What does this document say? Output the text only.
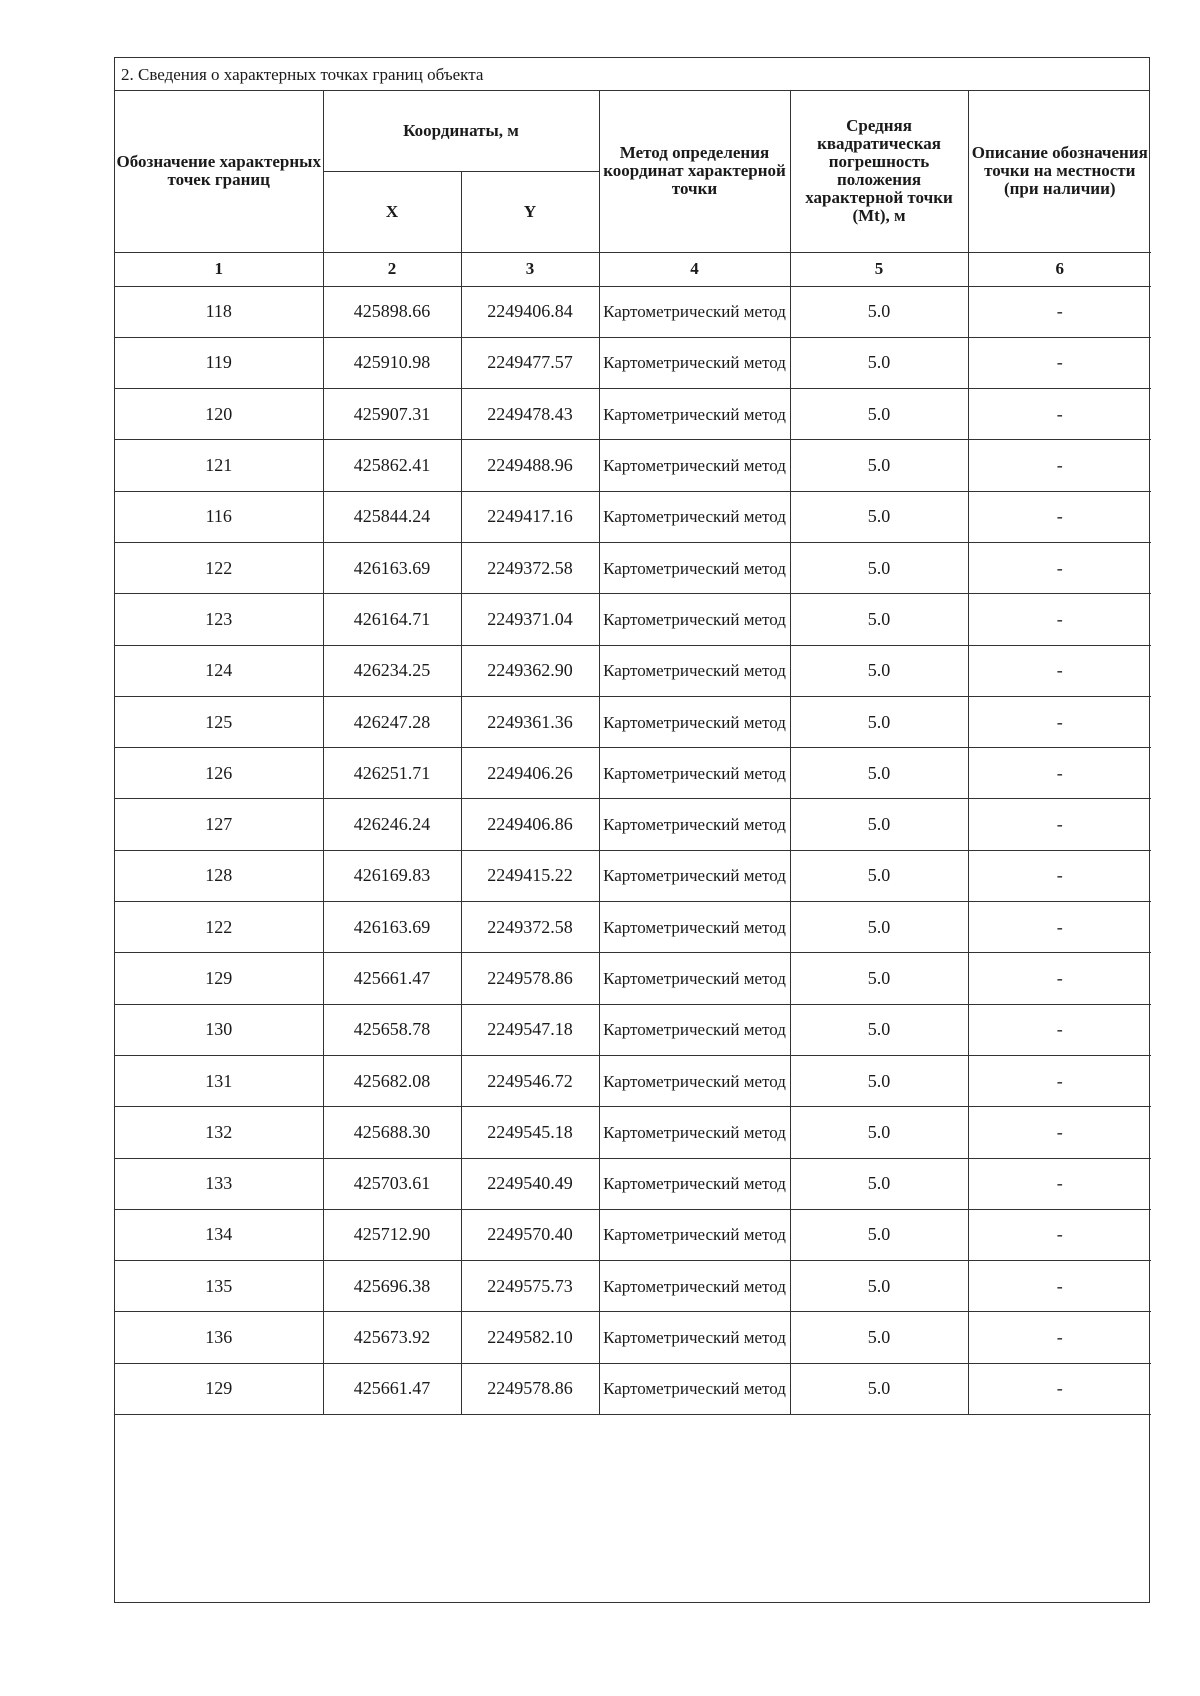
2. Сведения о характерных точках границ объекта
Обозначение характерных точек границ	Координаты, м		Метод определения координат характерной точки	Средняя квадратическая погрешность положения характерной точки (Mt), м	Описание обозначения точки на местности (при наличии)
	X	Y			
1	2	3	4	5	6
118	425898.66	2249406.84	Картометрический метод	5.0	-
119	425910.98	2249477.57	Картометрический метод	5.0	-
120	425907.31	2249478.43	Картометрический метод	5.0	-
121	425862.41	2249488.96	Картометрический метод	5.0	-
116	425844.24	2249417.16	Картометрический метод	5.0	-
122	426163.69	2249372.58	Картометрический метод	5.0	-
123	426164.71	2249371.04	Картометрический метод	5.0	-
124	426234.25	2249362.90	Картометрический метод	5.0	-
125	426247.28	2249361.36	Картометрический метод	5.0	-
126	426251.71	2249406.26	Картометрический метод	5.0	-
127	426246.24	2249406.86	Картометрический метод	5.0	-
128	426169.83	2249415.22	Картометрический метод	5.0	-
122	426163.69	2249372.58	Картометрический метод	5.0	-
129	425661.47	2249578.86	Картометрический метод	5.0	-
130	425658.78	2249547.18	Картометрический метод	5.0	-
131	425682.08	2249546.72	Картометрический метод	5.0	-
132	425688.30	2249545.18	Картометрический метод	5.0	-
133	425703.61	2249540.49	Картометрический метод	5.0	-
134	425712.90	2249570.40	Картометрический метод	5.0	-
135	425696.38	2249575.73	Картометрический метод	5.0	-
136	425673.92	2249582.10	Картометрический метод	5.0	-
129	425661.47	2249578.86	Картометрический метод	5.0	-
